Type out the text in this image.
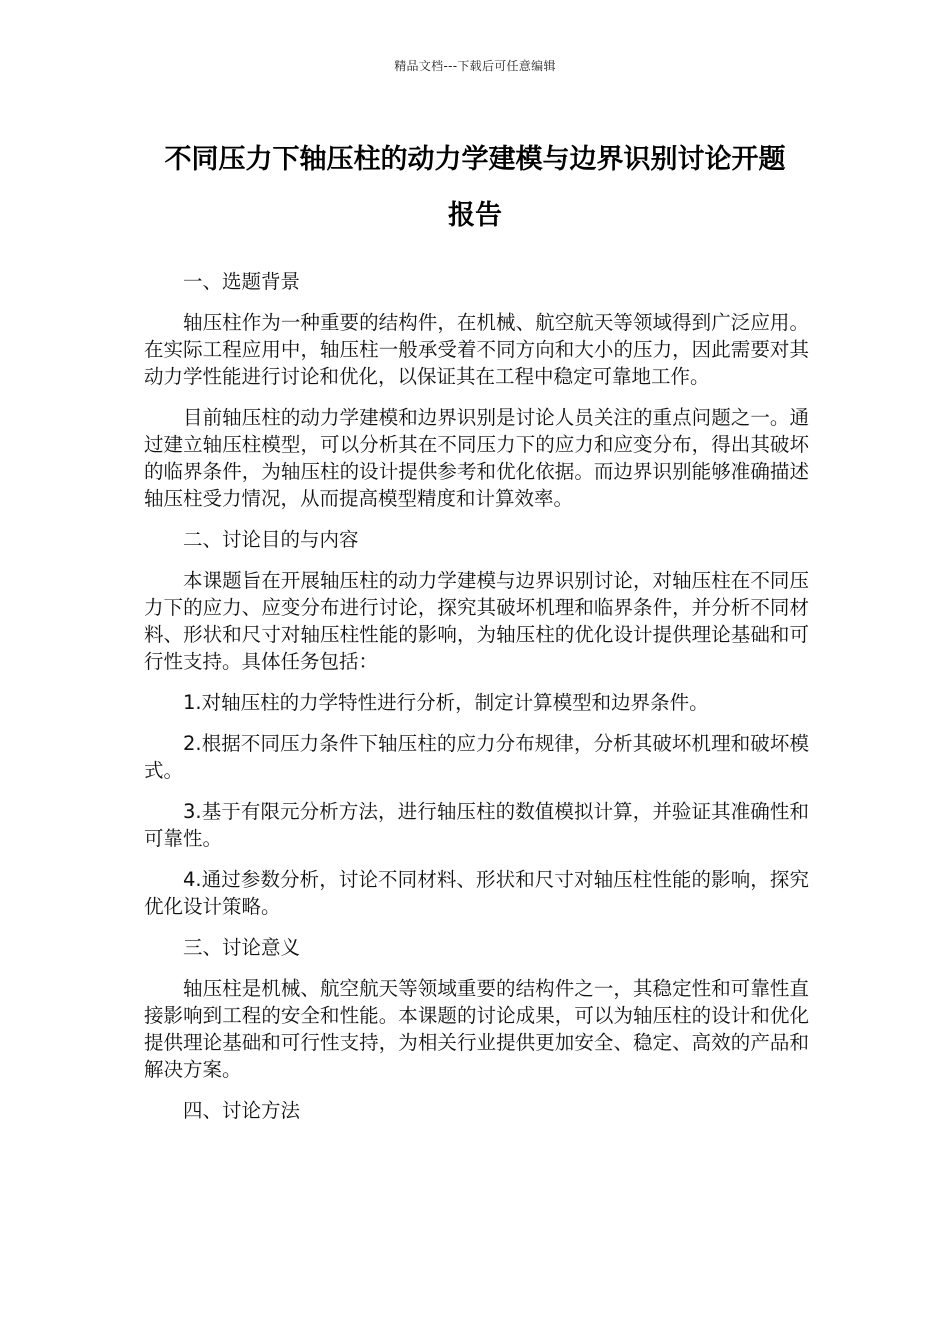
精品文档---下载后可任意编辑
不同压力下轴压柱的动力学建模与边界识别讨论开题
报告

一、选题背景

轴压柱作为一种重要的结构件，在机械、航空航天等领域得到广泛应用。在实际工程应用中，轴压柱一般承受着不同方向和大小的压力，因此需要对其动力学性能进行讨论和优化，以保证其在工程中稳定可靠地工作。

目前轴压柱的动力学建模和边界识别是讨论人员关注的重点问题之一。通过建立轴压柱模型，可以分析其在不同压力下的应力和应变分布，得出其破坏的临界条件，为轴压柱的设计提供参考和优化依据。而边界识别能够准确描述轴压柱受力情况，从而提高模型精度和计算效率。

二、讨论目的与内容

本课题旨在开展轴压柱的动力学建模与边界识别讨论，对轴压柱在不同压力下的应力、应变分布进行讨论，探究其破坏机理和临界条件，并分析不同材料、形状和尺寸对轴压柱性能的影响，为轴压柱的优化设计提供理论基础和可行性支持。具体任务包括：

1.对轴压柱的力学特性进行分析，制定计算模型和边界条件。

2.根据不同压力条件下轴压柱的应力分布规律，分析其破坏机理和破坏模式。

3.基于有限元分析方法，进行轴压柱的数值模拟计算，并验证其准确性和可靠性。

4.通过参数分析，讨论不同材料、形状和尺寸对轴压柱性能的影响，探究优化设计策略。

三、讨论意义

轴压柱是机械、航空航天等领域重要的结构件之一，其稳定性和可靠性直接影响到工程的安全和性能。本课题的讨论成果，可以为轴压柱的设计和优化提供理论基础和可行性支持，为相关行业提供更加安全、稳定、高效的产品和解决方案。

四、讨论方法
